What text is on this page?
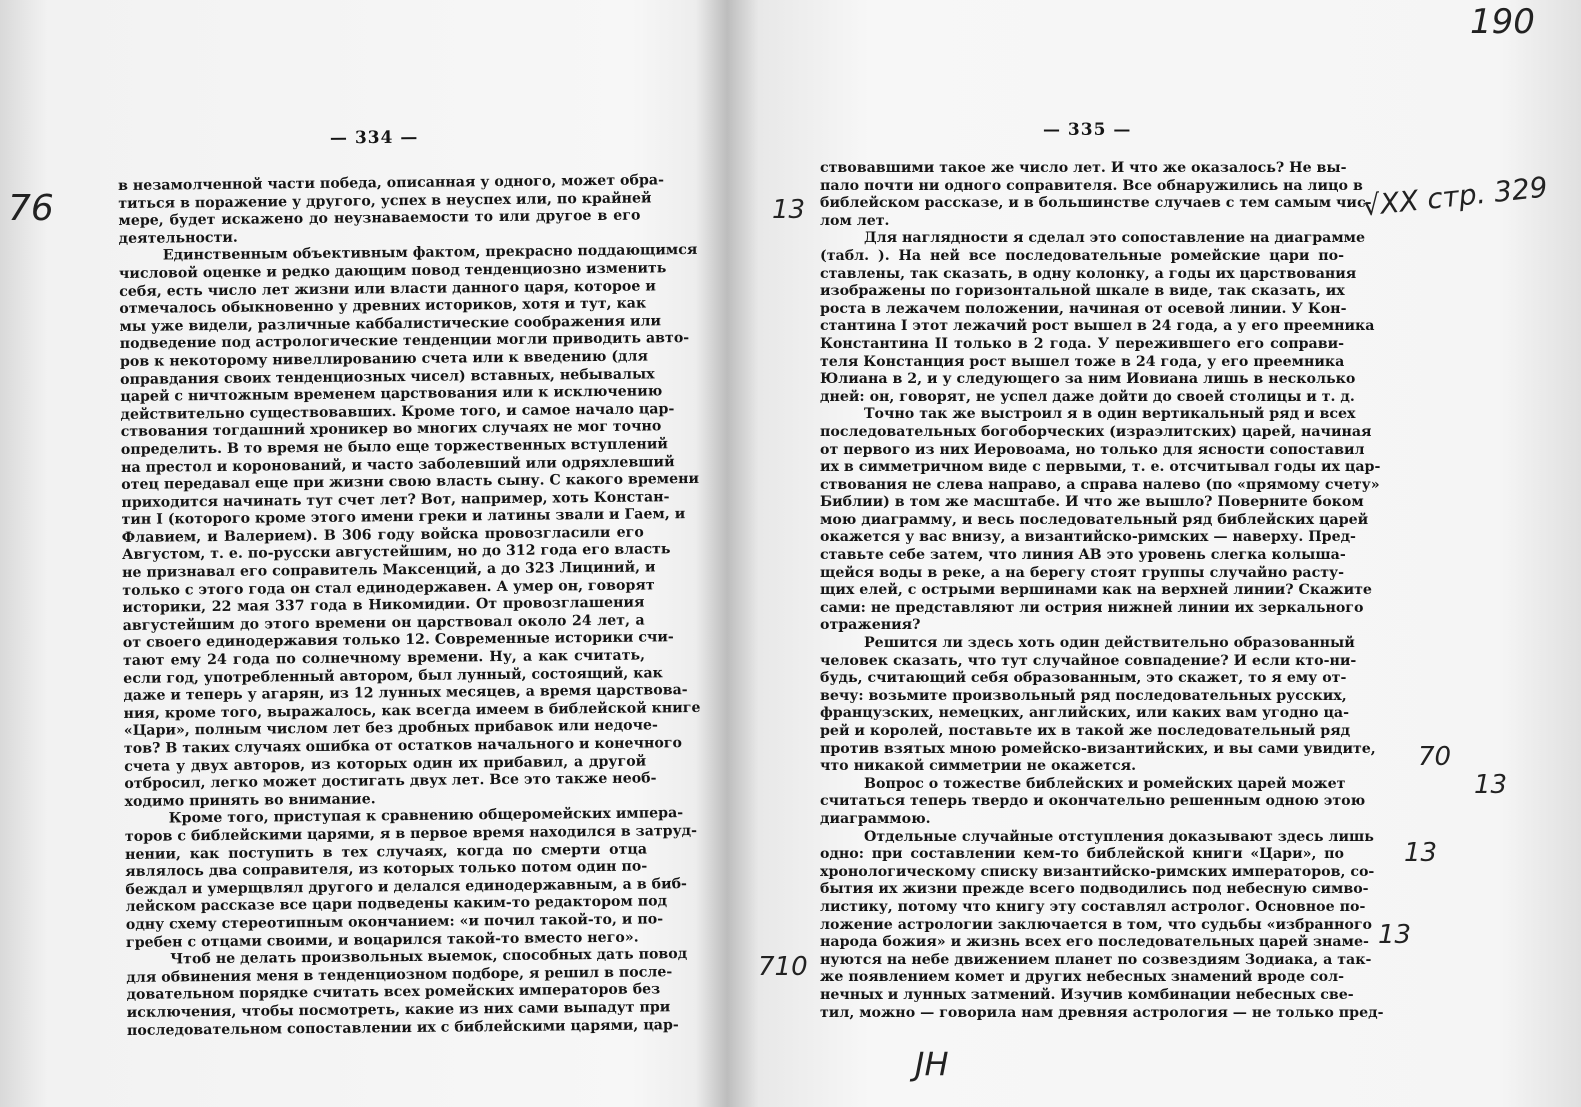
— 334 —	— 335 —
в незамолченной части победа, описанная у одного, может обра-
титься в поражение у другого, успех в неуспех или, по крайней
мере, будет искажено до неузнаваемости то или другое в его
деятельности.
Единственным объективным фактом, прекрасно поддающимся
числовой оценке и редко дающим повод тенденциозно изменить
себя, есть число лет жизни или власти данного царя, которое и
отмечалось обыкновенно у древних историков, хотя и тут, как
мы уже видели, различные каббалистические соображения или
подведение под астрологические тенденции могли приводить авто-
ров к некоторому нивеллированию счета или к введению (для
оправдания своих тенденциозных чисел) вставных, небывалых
царей с ничтожным временем царствования или к исключению
действительно существовавших. Кроме того, и самое начало цар-
ствования тогдашний хроникер во многих случаях не мог точно
определить. В то время не было еще торжественных вступлений
на престол и коронований, и часто заболевший или одряхлевший
отец передавал еще при жизни свою власть сыну. С какого времени
приходится начинать тут счет лет? Вот, например, хоть Констан-
тин I (которого кроме этого имени греки и латины звали и Гаем, и
Флавием, и Валерием). В 306 году войска провозгласили его
Августом, т. е. по-русски августейшим, но до 312 года его власть
не признавал его соправитель Максенций, а до 323 Лициний, и
только с этого года он стал единодержавен. А умер он, говорят
историки, 22 мая 337 года в Никомидии. От провозглашения
августейшим до этого времени он царствовал около 24 лет, а
от своего единодержавия только 12. Современные историки счи-
тают ему 24 года по солнечному времени. Ну, а как считать,
если год, употребленный автором, был лунный, состоящий, как
даже и теперь у агарян, из 12 лунных месяцев, а время царствова-
ния, кроме того, выражалось, как всегда имеем в библейской книге
«Цари», полным числом лет без дробных прибавок или недоче-
тов? В таких случаях ошибка от остатков начального и конечного
счета у двух авторов, из которых один их прибавил, а другой
отбросил, легко может достигать двух лет. Все это также необ-
ходимо принять во внимание.
Кроме того, приступая к сравнению общеромейских импера-
торов с библейскими царями, я в первое время находился в затруд-
нении, как поступить в тех случаях, когда по смерти отца
являлось два соправителя, из которых только потом один по-
беждал и умерщвлял другого и делался единодержавным, а в биб-
лейском рассказе все цари подведены каким-то редактором под
одну схему стереотипным окончанием: «и почил такой-то, и по-
гребен с отцами своими, и воцарился такой-то вместо него».
Чтоб не делать произвольных выемок, способных дать повод
для обвинения меня в тенденциозном подборе, я решил в после-
довательном порядке считать всех ромейских императоров без
исключения, чтобы посмотреть, какие из них сами выпадут при
последовательном сопоставлении их с библейскими царями, цар-
ствовавшими такое же число лет. И что же оказалось? Не вы-
пало почти ни одного соправителя. Все обнаружились на лицо в
библейском рассказе, и в большинстве случаев с тем самым чис-
лом лет.
Для наглядности я сделал это сопоставление на диаграмме
(табл. ). На ней все последовательные ромейские цари по-
ставлены, так сказать, в одну колонку, а годы их царствования
изображены по горизонтальной шкале в виде, так сказать, их
роста в лежачем положении, начиная от осевой линии. У Кон-
стантина I этот лежачий рост вышел в 24 года, а у его преемника
Константина II только в 2 года. У пережившего его соправи-
теля Констанция рост вышел тоже в 24 года, у его преемника
Юлиана в 2, и у следующего за ним Иовиана лишь в несколько
дней: он, говорят, не успел даже дойти до своей столицы и т. д.
Точно так же выстроил я в один вертикальный ряд и всех
последовательных богоборческих (израэлитских) царей, начиная
от первого из них Иеровоама, но только для ясности сопоставил
их в симметричном виде с первыми, т. е. отсчитывал годы их цар-
ствования не слева направо, а справа налево (по «прямому счету»
Библии) в том же масштабе. И что же вышло? Поверните боком
мою диаграмму, и весь последовательный ряд библейских царей
окажется у вас внизу, а византийско-римских — наверху. Пред-
ставьте себе затем, что линия AB это уровень слегка колыша-
щейся воды в реке, а на берегу стоят группы случайно расту-
щих елей, с острыми вершинами как на верхней линии? Скажите
сами: не представляют ли острия нижней линии их зеркального
отражения?
Решится ли здесь хоть один действительно образованный
человек сказать, что тут случайное совпадение? И если кто-ни-
будь, считающий себя образованным, это скажет, то я ему от-
вечу: возьмите произвольный ряд последовательных русских,
французских, немецких, английских, или каких вам угодно ца-
рей и королей, поставьте их в такой же последовательный ряд
против взятых мною ромейско-византийских, и вы сами увидите,
что никакой симметрии не окажется.
Вопрос о тожестве библейских и ромейских царей может
считаться теперь твердо и окончательно решенным одною этою
диаграммою.
Отдельные случайные отступления доказывают здесь лишь
одно: при составлении кем-то библейской книги «Цари», по
хронологическому списку византийско-римских императоров, со-
бытия их жизни прежде всего подводились под небесную симво-
листику, потому что книгу эту составлял астролог. Основное по-
ложение астрологии заключается в том, что судьбы «избранного
народа божия» и жизнь всех его последовательных царей знаме-
нуются на небе движением планет по созвездиям Зодиака, а так-
же появлением комет и других небесных знамений вроде сол-
нечных и лунных затмений. Изучив комбинации небесных све-
тил, можно — говорила нам древняя астрология — не только пред-
76
190
√XX стр. 329
13
70
13
13
13
710
JH
